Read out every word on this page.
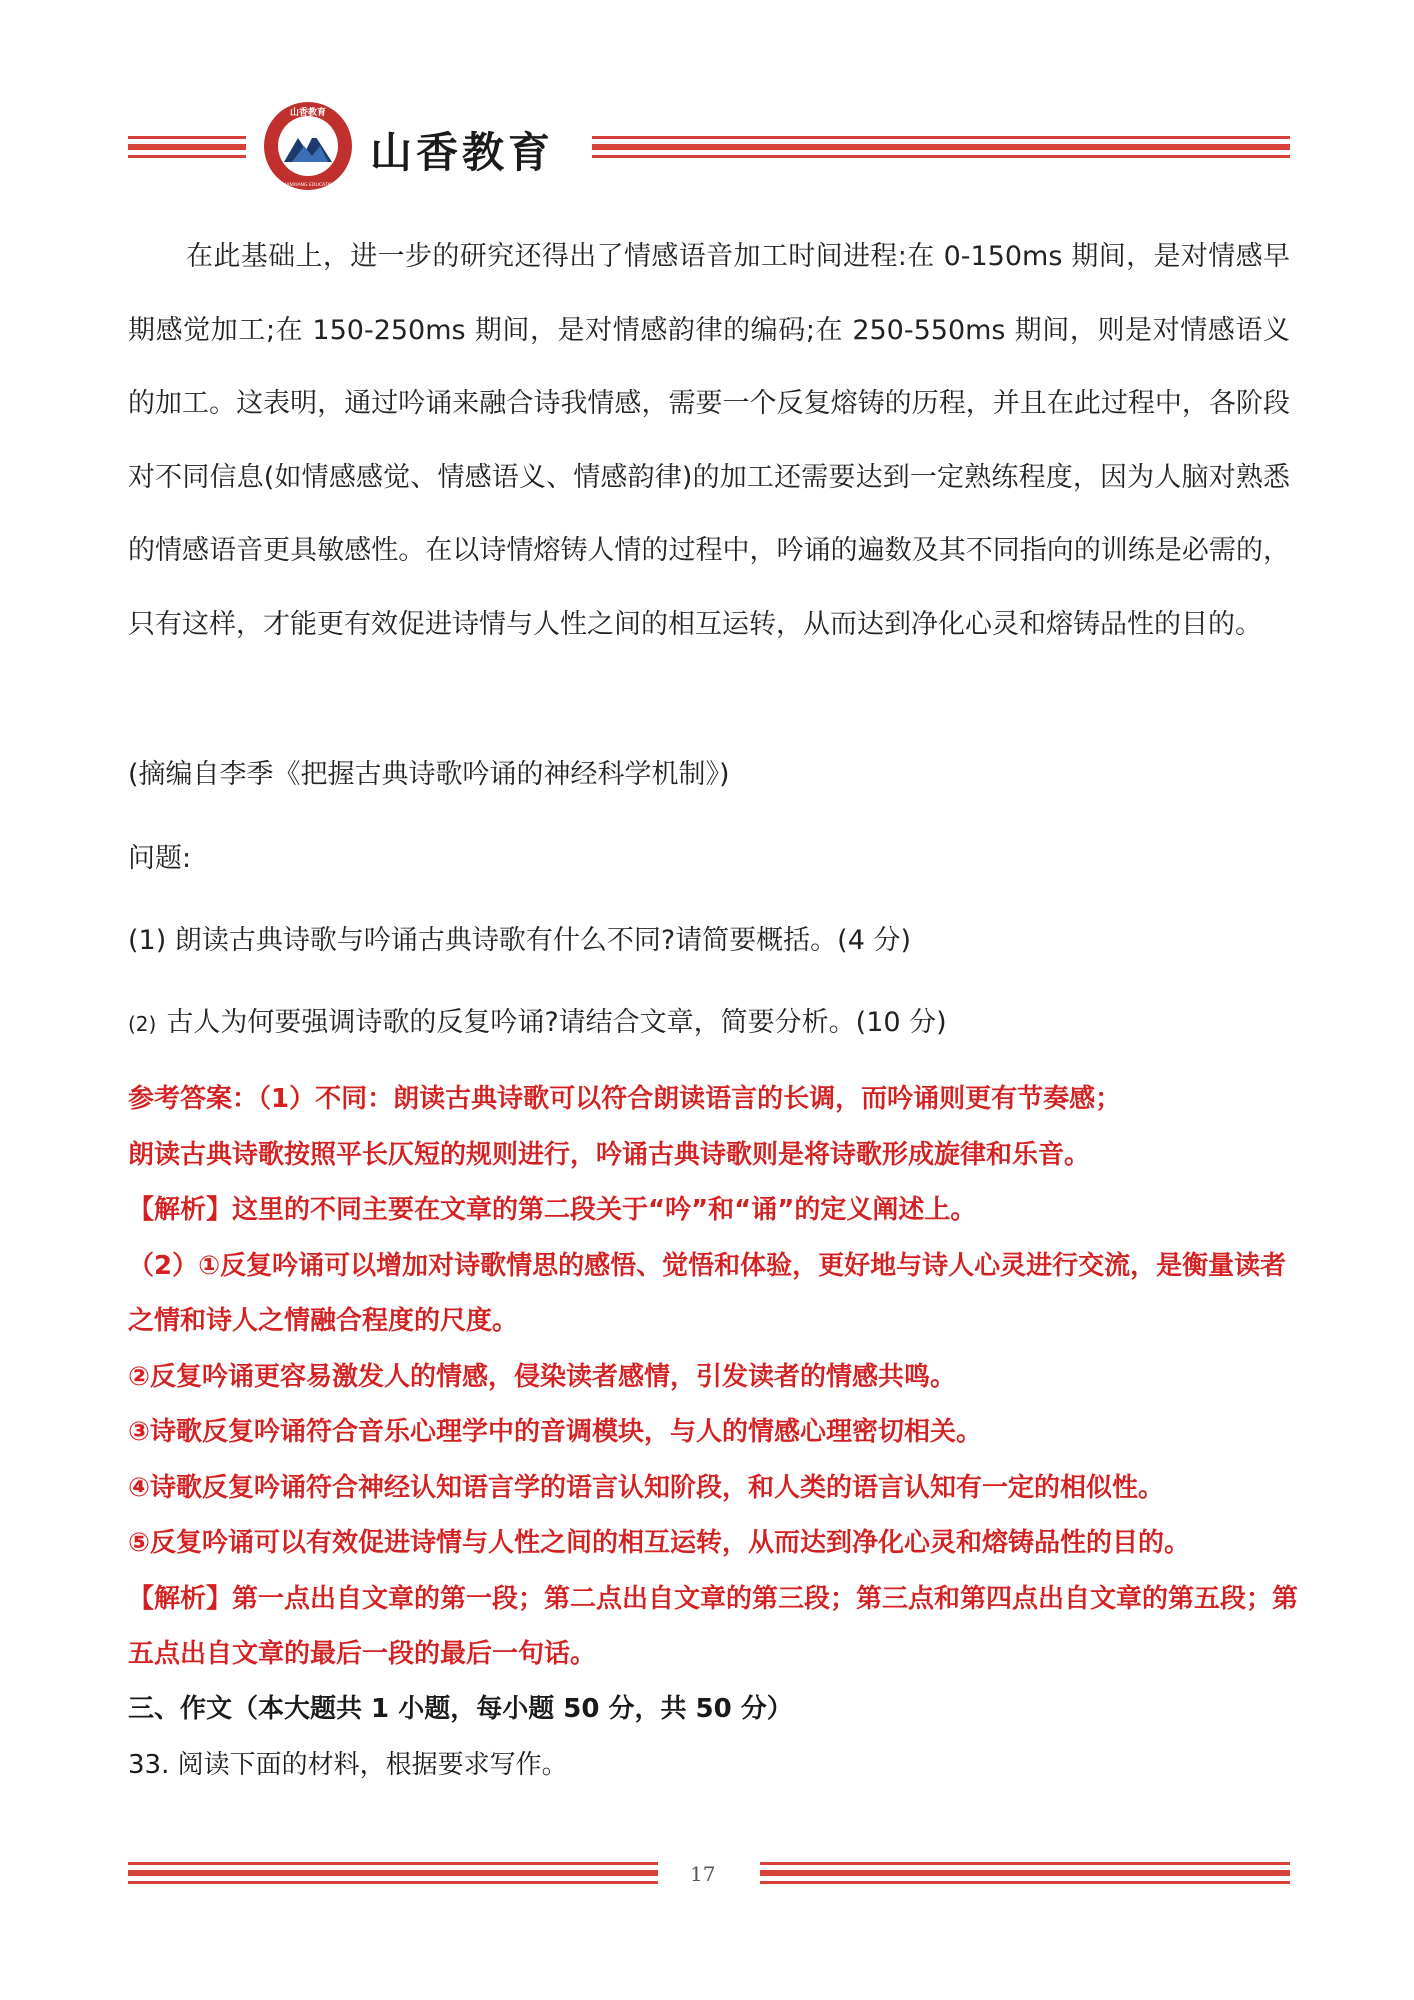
山香教育
SHANXIANG EDUCATION
山香教育

在此基础上，进一步的研究还得出了情感语音加工时间进程:在 0-150ms 期间，是对情感早期感觉加工;在 150-250ms 期间，是对情感韵律的编码;在 250-550ms 期间，则是对情感语义的加工。这表明，通过吟诵来融合诗我情感，需要一个反复熔铸的历程，并且在此过程中，各阶段对不同信息(如情感感觉、情感语义、情感韵律)的加工还需要达到一定熟练程度，因为人脑对熟悉的情感语音更具敏感性。在以诗情熔铸人情的过程中，吟诵的遍数及其不同指向的训练是必需的，只有这样，才能更有效促进诗情与人性之间的相互运转，从而达到净化心灵和熔铸品性的目的。

(摘编自李季《把握古典诗歌吟诵的神经科学机制》)

问题:

(1) 朗读古典诗歌与吟诵古典诗歌有什么不同?请简要概括。(4 分)

(2) 古人为何要强调诗歌的反复吟诵?请结合文章，简要分析。(10 分)

参考答案：（1）不同：朗读古典诗歌可以符合朗读语言的长调，而吟诵则更有节奏感；

朗读古典诗歌按照平长仄短的规则进行，吟诵古典诗歌则是将诗歌形成旋律和乐音。

【解析】这里的不同主要在文章的第二段关于“吟”和“诵”的定义阐述上。

（2）①反复吟诵可以增加对诗歌情思的感悟、觉悟和体验，更好地与诗人心灵进行交流，是衡量读者之情和诗人之情融合程度的尺度。

②反复吟诵更容易激发人的情感，侵染读者感情，引发读者的情感共鸣。

③诗歌反复吟诵符合音乐心理学中的音调模块，与人的情感心理密切相关。

④诗歌反复吟诵符合神经认知语言学的语言认知阶段，和人类的语言认知有一定的相似性。

⑤反复吟诵可以有效促进诗情与人性之间的相互运转，从而达到净化心灵和熔铸品性的目的。

【解析】第一点出自文章的第一段；第二点出自文章的第三段；第三点和第四点出自文章的第五段；第五点出自文章的最后一段的最后一句话。

三、作文（本大题共 1 小题，每小题 50 分，共 50 分）
33. 阅读下面的材料，根据要求写作。
17
